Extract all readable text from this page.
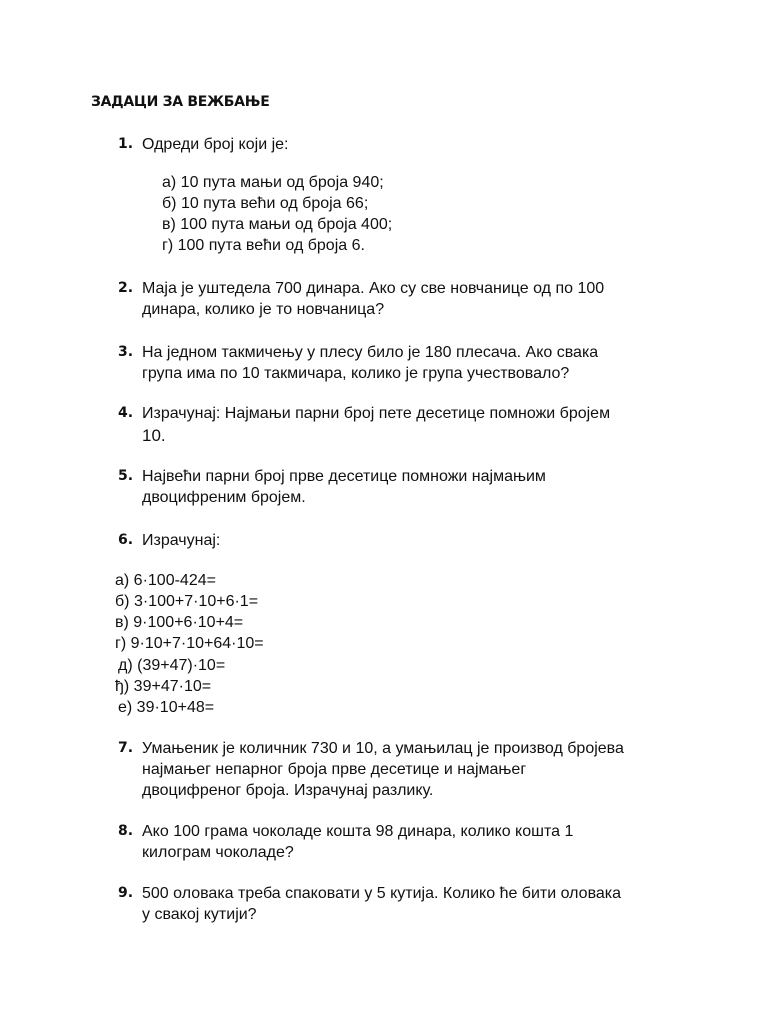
ЗАДАЦИ ЗА ВЕЖБАЊЕ
1. Одреди број који је:
а) 10 пута мањи од броја 940;
б) 10 пута већи од броја 66;
в) 100 пута мањи од броја 400;
г) 100 пута већи од броја 6.
2. Маја је уштедела 700 динара. Ако су све новчанице од по 100
динара, колико је то новчаница?
3. На једном такмичењу у плесу било је 180 плесача. Ако свака
група има по 10 такмичара, колико је група учествовало?
4. Израчунај: Најмањи парни број пете десетице помножи бројем
10.
5. Највећи парни број прве десетице помножи најмањим
двоцифреним бројем.
6. Израчунај:
а) 6·100-424=
б) 3·100+7·10+6·1=
в) 9·100+6·10+4=
г) 9·10+7·10+64·10=
д) (39+47)·10=
ђ) 39+47·10=
е) 39·10+48=
7. Умањеник је количник 730 и 10, а умањилац је производ бројева
најмањег непарног броја прве десетице и најмањег
двоцифреног броја. Израчунај разлику.
8. Ако 100 грама чоколаде кошта 98 динара, колико кошта 1
килограм чоколаде?
9. 500 оловака треба спаковати у 5 кутија. Колико ће бити оловака
у свакој кутији?
